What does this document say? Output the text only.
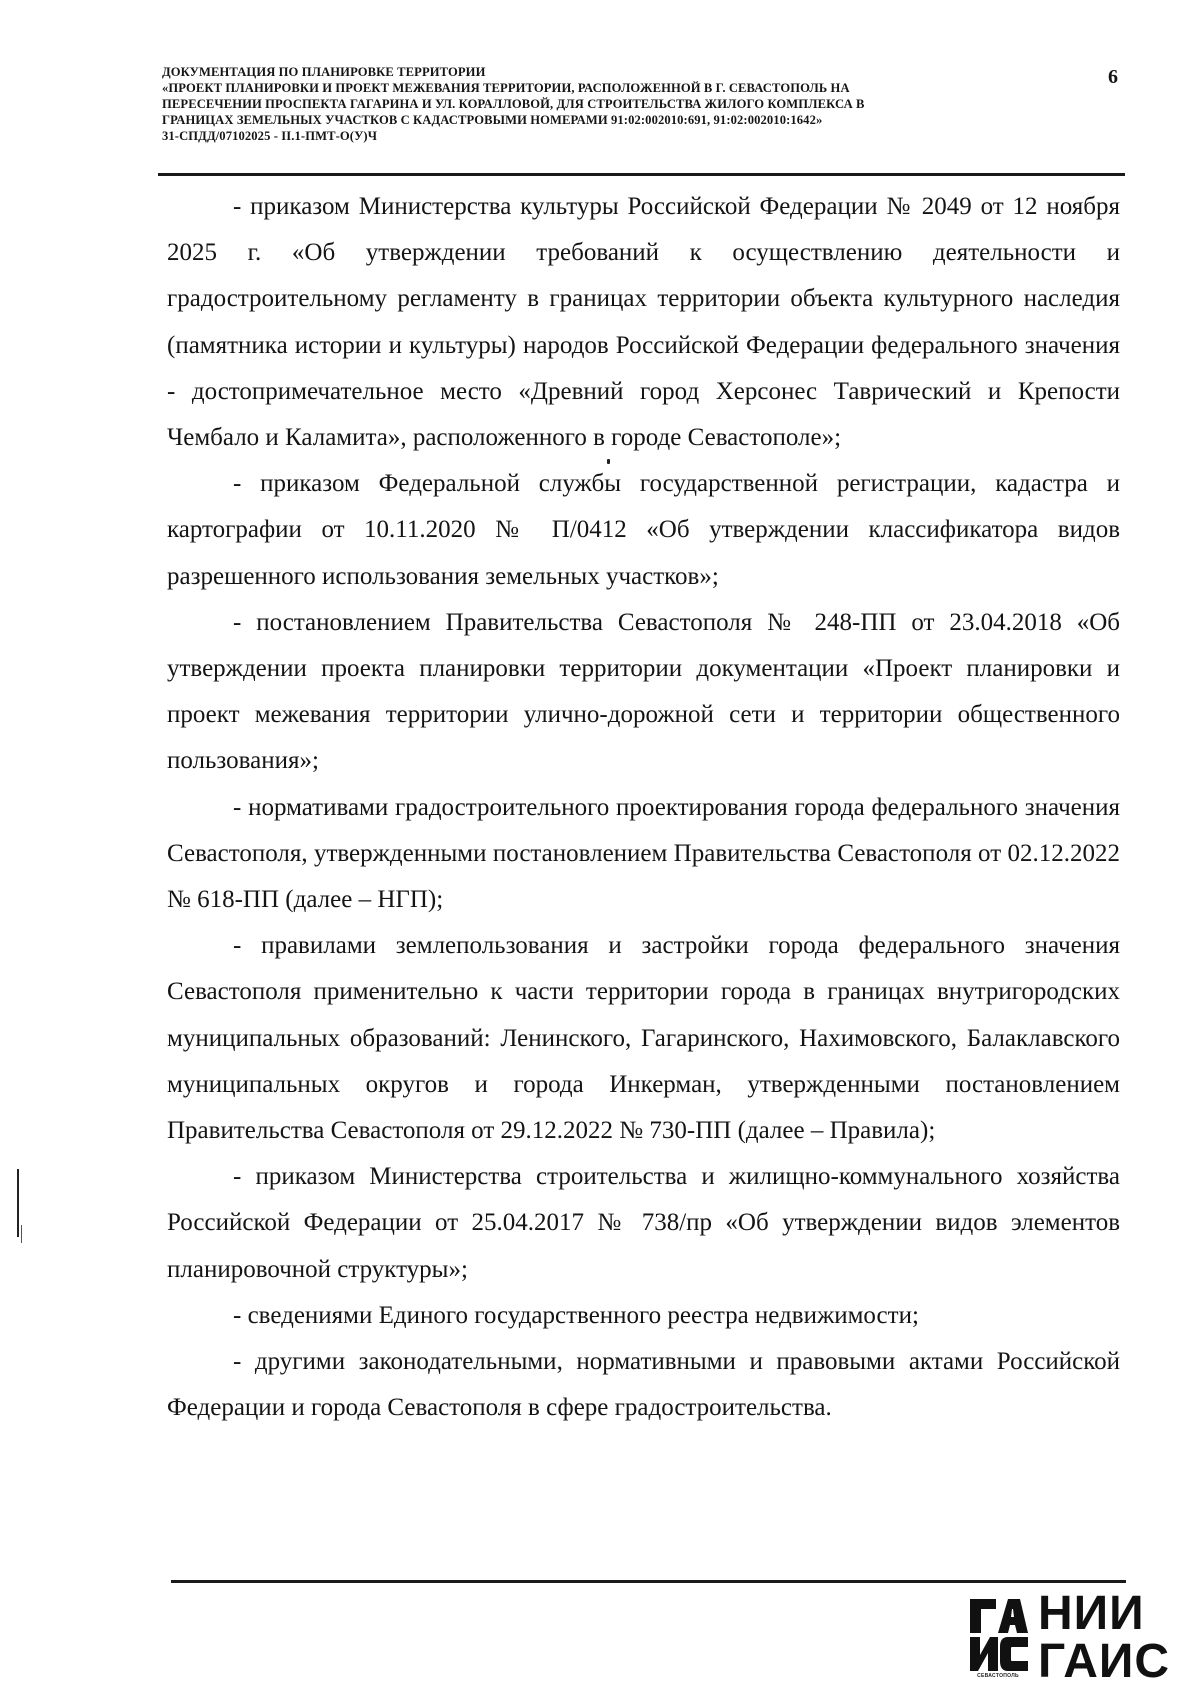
ДОКУМЕНТАЦИЯ ПО ПЛАНИРОВКЕ ТЕРРИТОРИИ
«ПРОЕКТ ПЛАНИРОВКИ И ПРОЕКТ МЕЖЕВАНИЯ ТЕРРИТОРИИ, РАСПОЛОЖЕННОЙ В Г. СЕВАСТОПОЛЬ НА
ПЕРЕСЕЧЕНИИ ПРОСПЕКТА ГАГАРИНА И УЛ. КОРАЛЛОВОЙ, ДЛЯ СТРОИТЕЛЬСТВА ЖИЛОГО КОМПЛЕКСА В
ГРАНИЦАХ ЗЕМЕЛЬНЫХ УЧАСТКОВ С КАДАСТРОВЫМИ НОМЕРАМИ 91:02:002010:691, 91:02:002010:1642»
31-СПДД/07102025 - II.1-ПМТ-О(У)Ч
6

- приказом Министерства культуры Российской Федерации № 2049 от 12 ноября 2025 г. «Об утверждении требований к осуществлению деятельности и градостроительному регламенту в границах территории объекта культурного наследия (памятника истории и культуры) народов Российской Федерации федерального значения - достопримечательное место «Древний город Херсонес Таврический и Крепости Чембало и Каламита», расположенного в городе Севастополе»;

- приказом Федеральной службы государственной регистрации, кадастра и картографии от 10.11.2020 № П/0412 «Об утверждении классификатора видов разрешенного использования земельных участков»;

- постановлением Правительства Севастополя № 248-ПП от 23.04.2018 «Об утверждении проекта планировки территории документации «Проект планировки и проект межевания территории улично-дорожной сети и территории общественного пользования»;

- нормативами градостроительного проектирования города федерального значения Севастополя, утвержденными постановлением Правительства Севастополя от 02.12.2022 № 618-ПП (далее – НГП);

- правилами землепользования и застройки города федерального значения Севастополя применительно к части территории города в границах внутригородских муниципальных образований: Ленинского, Гагаринского, Нахимовского, Балаклавского муниципальных округов и города Инкерман, утвержденными постановлением Правительства Севастополя от 29.12.2022 № 730-ПП (далее – Правила);

- приказом Министерства строительства и жилищно-коммунального хозяйства Российской Федерации от 25.04.2017 № 738/пр «Об утверждении видов элементов планировочной структуры»;

- сведениями Единого государственного реестра недвижимости;

- другими законодательными, нормативными и правовыми актами Российской Федерации и города Севастополя в сфере градостроительства.

СЕВАСТОПОЛЬ
НИИ
ГАИС
